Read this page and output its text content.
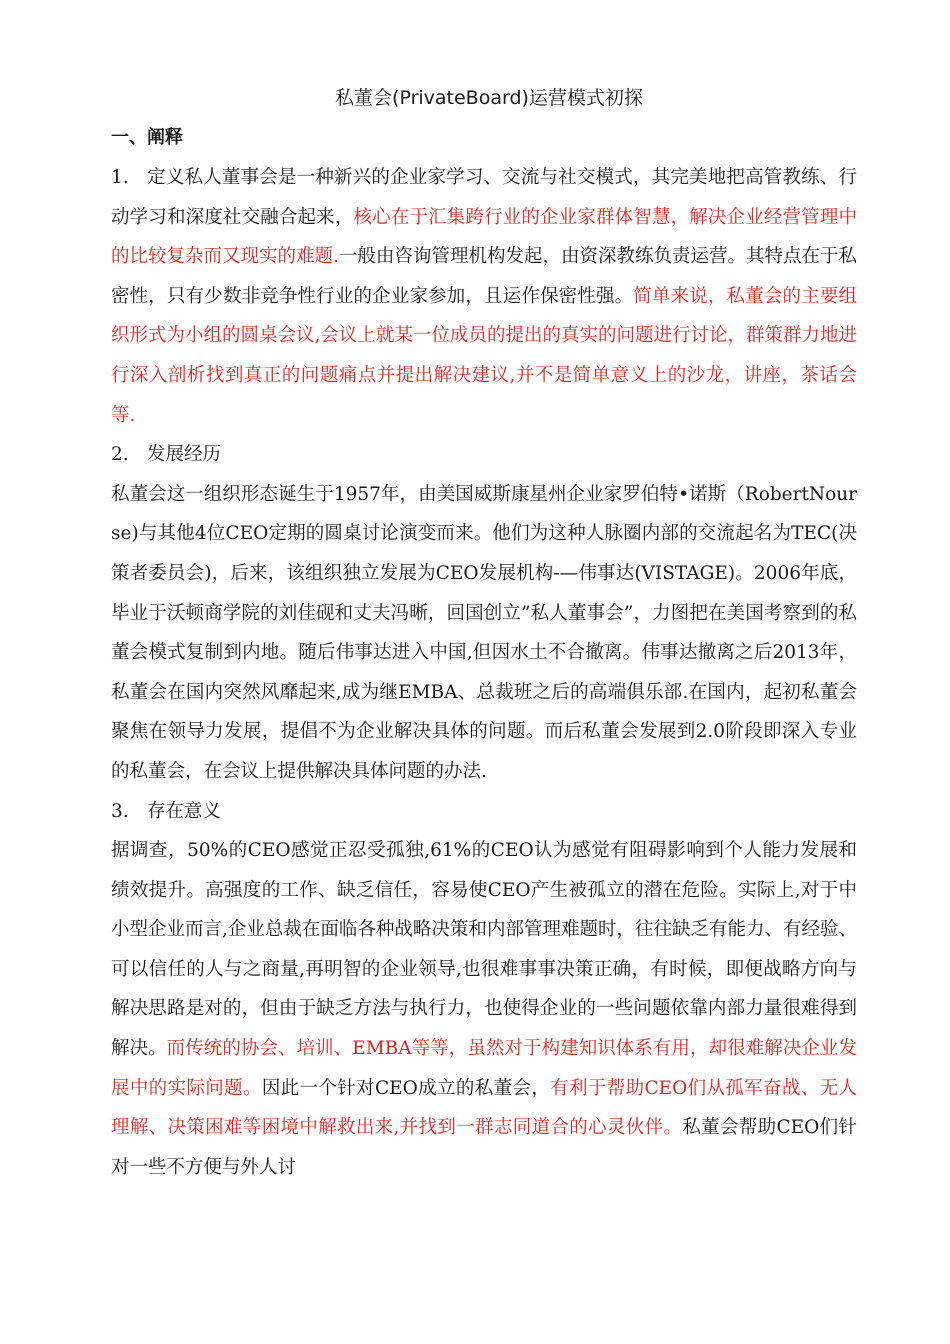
私董会(PrivateBoard)运营模式初探
一、阐释

1. 定义私人董事会是一种新兴的企业家学习、交流与社交模式，其完美地把高管教练、行动学习和深度社交融合起来，核心在于汇集跨行业的企业家群体智慧，解决企业经营管理中的比较复杂而又现实的难题.一般由咨询管理机构发起，由资深教练负责运营。其特点在于私密性，只有少数非竞争性行业的企业家参加，且运作保密性强。简单来说，私董会的主要组织形式为小组的圆桌会议,会议上就某一位成员的提出的真实的问题进行讨论，群策群力地进行深入剖析找到真正的问题痛点并提出解决建议,并不是简单意义上的沙龙，讲座，茶话会等.

2. 发展经历

私董会这一组织形态诞生于1957年，由美国威斯康星州企业家罗伯特•诺斯（RobertNourse)与其他4位CEO定期的圆桌讨论演变而来。他们为这种人脉圈内部的交流起名为TEC(决策者委员会)，后来，该组织独立发展为CEO发展机构-—伟事达(VISTAGE)。2006年底，毕业于沃顿商学院的刘佳砚和丈夫冯晰，回国创立”私人董事会”，力图把在美国考察到的私董会模式复制到内地。随后伟事达进入中国,但因水土不合撤离。伟事达撤离之后2013年，私董会在国内突然风靡起来,成为继EMBA、总裁班之后的高端俱乐部.在国内，起初私董会聚焦在领导力发展，提倡不为企业解决具体的问题。而后私董会发展到2.0阶段即深入专业的私董会，在会议上提供解决具体问题的办法.

3. 存在意义

据调查，50%的CEO感觉正忍受孤独,61%的CEO认为感觉有阻碍影响到个人能力发展和绩效提升。高强度的工作、缺乏信任，容易使CEO产生被孤立的潜在危险。实际上,对于中小型企业而言,企业总裁在面临各种战略决策和内部管理难题时，往往缺乏有能力、有经验、可以信任的人与之商量,再明智的企业领导,也很难事事决策正确，有时候，即便战略方向与解决思路是对的，但由于缺乏方法与执行力，也使得企业的一些问题依靠内部力量很难得到解决。而传统的协会、培训、EMBA等等，虽然对于构建知识体系有用，却很难解决企业发展中的实际问题。因此一个针对CEO成立的私董会，有利于帮助CEO们从孤军奋战、无人理解、决策困难等困境中解救出来,并找到一群志同道合的心灵伙伴。私董会帮助CEO们针对一些不方便与外人讨
